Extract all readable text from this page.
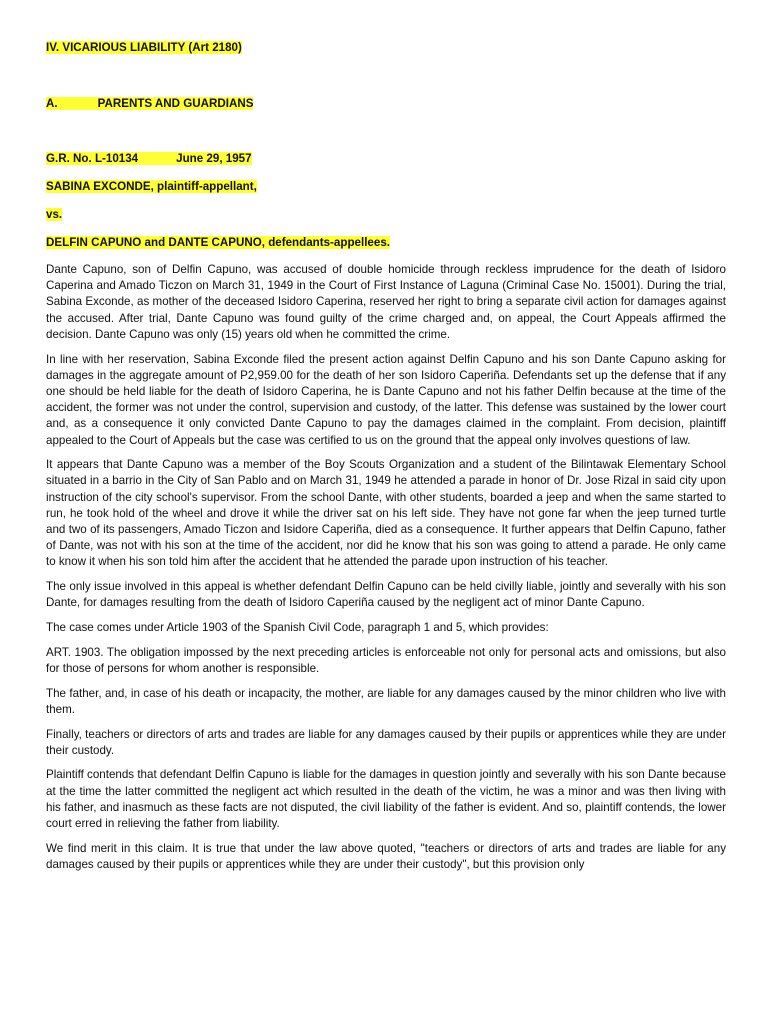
IV. VICARIOUS LIABILITY (Art 2180)
A.	PARENTS AND GUARDIANS
G.R. No. L-10134	June 29, 1957
SABINA EXCONDE, plaintiff-appellant,
vs.
DELFIN CAPUNO and DANTE CAPUNO, defendants-appellees.

Dante Capuno, son of Delfin Capuno, was accused of double homicide through reckless imprudence for the death of Isidoro Caperina and Amado Ticzon on March 31, 1949 in the Court of First Instance of Laguna (Criminal Case No. 15001). During the trial, Sabina Exconde, as mother of the deceased Isidoro Caperina, reserved her right to bring a separate civil action for damages against the accused. After trial, Dante Capuno was found guilty of the crime charged and, on appeal, the Court Appeals affirmed the decision. Dante Capuno was only (15) years old when he committed the crime.

In line with her reservation, Sabina Exconde filed the present action against Delfin Capuno and his son Dante Capuno asking for damages in the aggregate amount of P2,959.00 for the death of her son Isidoro Caperiña. Defendants set up the defense that if any one should be held liable for the death of Isidoro Caperina, he is Dante Capuno and not his father Delfin because at the time of the accident, the former was not under the control, supervision and custody, of the latter. This defense was sustained by the lower court and, as a consequence it only convicted Dante Capuno to pay the damages claimed in the complaint. From decision, plaintiff appealed to the Court of Appeals but the case was certified to us on the ground that the appeal only involves questions of law.

It appears that Dante Capuno was a member of the Boy Scouts Organization and a student of the Bilintawak Elementary School situated in a barrio in the City of San Pablo and on March 31, 1949 he attended a parade in honor of Dr. Jose Rizal in said city upon instruction of the city school's supervisor. From the school Dante, with other students, boarded a jeep and when the same started to run, he took hold of the wheel and drove it while the driver sat on his left side. They have not gone far when the jeep turned turtle and two of its passengers, Amado Ticzon and Isidore Caperiña, died as a consequence. It further appears that Delfin Capuno, father of Dante, was not with his son at the time of the accident, nor did he know that his son was going to attend a parade. He only came to know it when his son told him after the accident that he attended the parade upon instruction of his teacher.

The only issue involved in this appeal is whether defendant Delfin Capuno can be held civilly liable, jointly and severally with his son Dante, for damages resulting from the death of Isidoro Caperiña caused by the negligent act of minor Dante Capuno.

The case comes under Article 1903 of the Spanish Civil Code, paragraph 1 and 5, which provides:

ART. 1903. The obligation impossed by the next preceding articles is enforceable not only for personal acts and omissions, but also for those of persons for whom another is responsible.

The father, and, in case of his death or incapacity, the mother, are liable for any damages caused by the minor children who live with them.

Finally, teachers or directors of arts and trades are liable for any damages caused by their pupils or apprentices while they are under their custody.

Plaintiff contends that defendant Delfin Capuno is liable for the damages in question jointly and severally with his son Dante because at the time the latter committed the negligent act which resulted in the death of the victim, he was a minor and was then living with his father, and inasmuch as these facts are not disputed, the civil liability of the father is evident. And so, plaintiff contends, the lower court erred in relieving the father from liability.

We find merit in this claim. It is true that under the law above quoted, "teachers or directors of arts and trades are liable for any damages caused by their pupils or apprentices while they are under their custody", but this provision only
